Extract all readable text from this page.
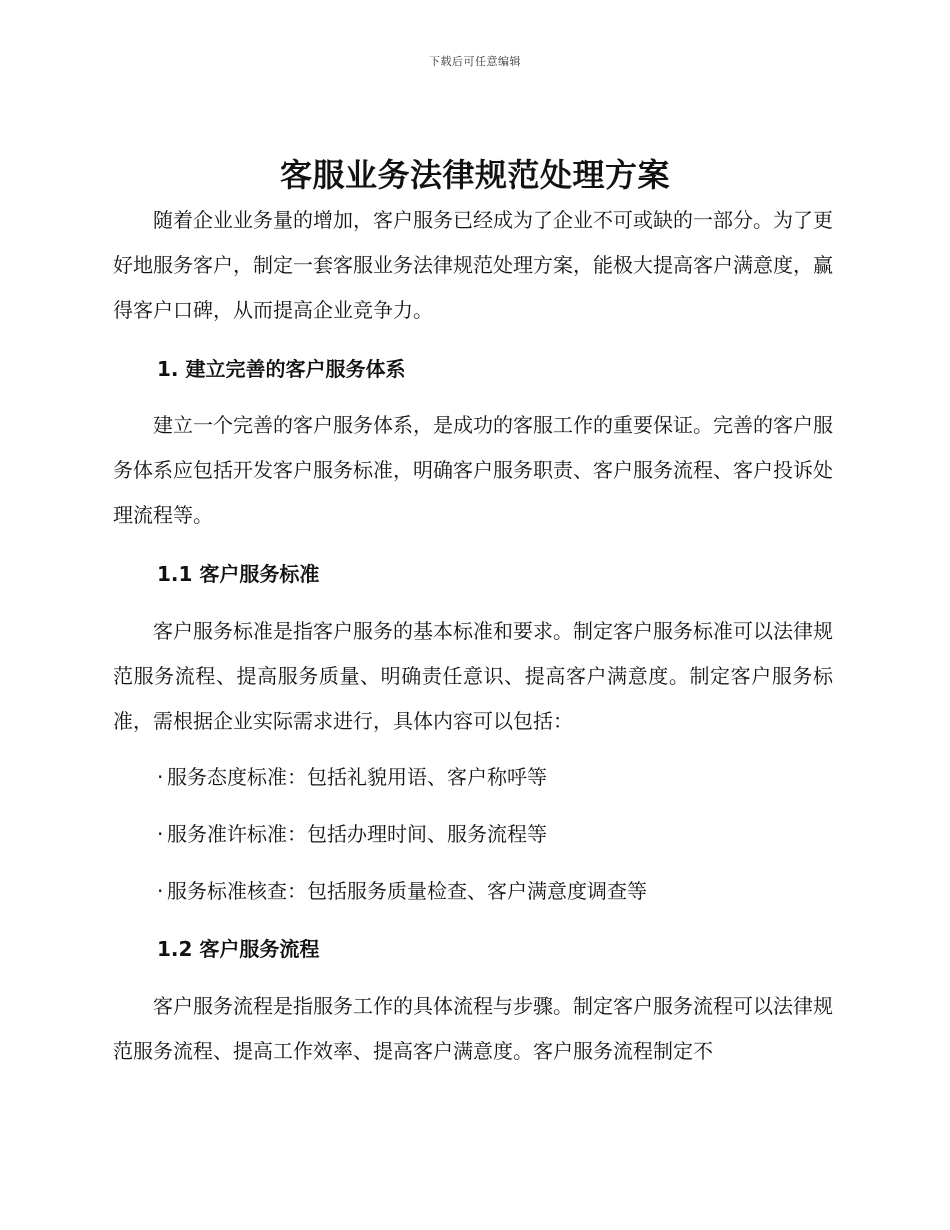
下载后可任意编辑
客服业务法律规范处理方案

随着企业业务量的增加，客户服务已经成为了企业不可或缺的一部分。为了更好地服务客户，制定一套客服业务法律规范处理方案，能极大提高客户满意度，赢得客户口碑，从而提高企业竞争力。

1. 建立完善的客户服务体系

建立一个完善的客户服务体系，是成功的客服工作的重要保证。完善的客户服务体系应包括开发客户服务标准，明确客户服务职责、客户服务流程、客户投诉处理流程等。

1.1 客户服务标准

客户服务标准是指客户服务的基本标准和要求。制定客户服务标准可以法律规范服务流程、提高服务质量、明确责任意识、提高客户满意度。制定客户服务标准，需根据企业实际需求进行，具体内容可以包括：

· 服务态度标准：包括礼貌用语、客户称呼等

· 服务准许标准：包括办理时间、服务流程等

· 服务标准核查：包括服务质量检查、客户满意度调查等

1.2 客户服务流程

客户服务流程是指服务工作的具体流程与步骤。制定客户服务流程可以法律规范服务流程、提高工作效率、提高客户满意度。客户服务流程制定不
